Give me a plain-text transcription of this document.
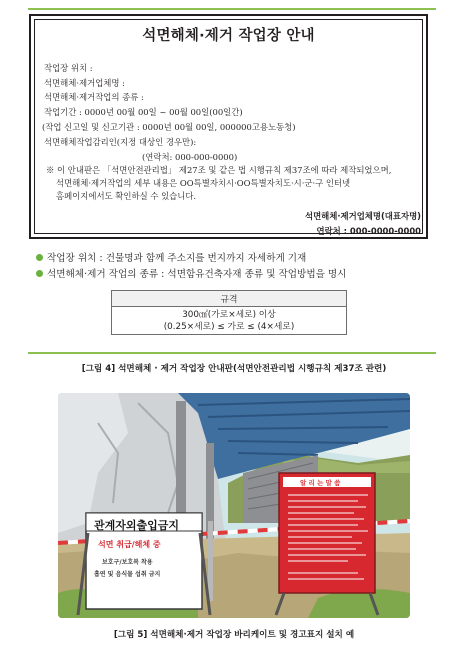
석면해체·제거 작업장 안내
작업장 위치 :
석면해체·제거업체명 :
석면해체·제거작업의 종류 :
작업기간 : 0000년 00월 00일 ~ 00월 00일(00일간)
(작업 신고일 및 신고기관 : 0000년 00월 00일, 000000고용노동청)
석면해체작업감리인(지정 대상인 경우만):
(연락처: 000-000-0000)
※ 이 안내판은 「석면안전관리법」 제27조 및 같은 법 시행규칙 제37조에 따라 제작되었으며,
석면해체·제거작업의 세부 내용은 OO특별자치시·OO특별자치도·시·군·구 인터넷
홈페이지에서도 확인하실 수 있습니다.
석면해체·제거업체명(대표자명)
연락처 : 000-0000-0000
작업장 위치 : 건물명과 함께 주소지를 번지까지 자세하게 기재
석면해체·제거 작업의 종류 : 석면함유건축자재 종류 및 작업방법을 명시
규격

300㎠(가로×세로) 이상
(0.25×세로) ≤ 가로 ≤ (4×세로)
[그림 4] 석면해체 · 제거 작업장 안내판(석면안전관리법 시행규칙 제37조 관련)
관계자외출입금지
석면 취급/해체 중
보호구/보호복 착용
흡연 및 음식물 섭취 금지
알 리 는 말 씀
[그림 5] 석면해체·제거 작업장 바리케이트 및 경고표지 설치 예
